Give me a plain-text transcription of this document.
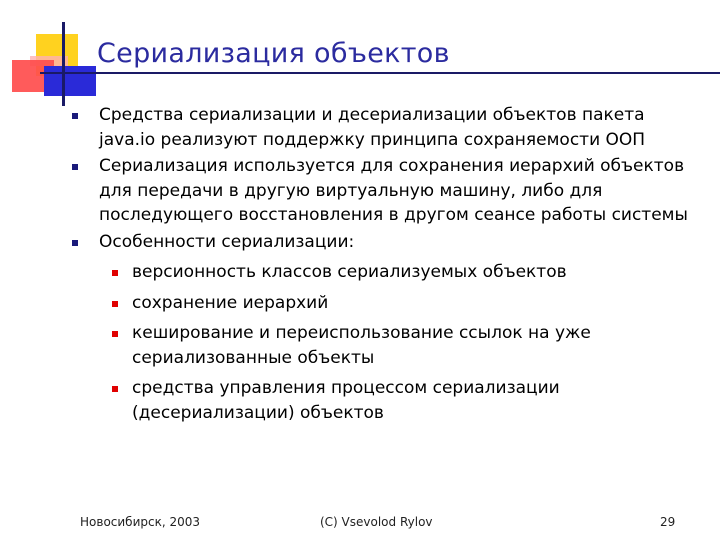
Сериализация объектов
Средства сериализации и десериализации объектов пакета java.io реализуют поддержку принципа сохраняемости ООП
Сериализация используется для сохранения иерархий объектов для передачи в другую виртуальную машину, либо для последующего восстановления в другом сеансе работы системы
Особенности сериализации:
версионность классов сериализуемых объектов
сохранение иерархий
кеширование и переиспользование ссылок на уже сериализованные объекты
средства управления процессом сериализации (десериализации) объектов
Новосибирск, 2003	(C) Vsevolod Rylov	29
